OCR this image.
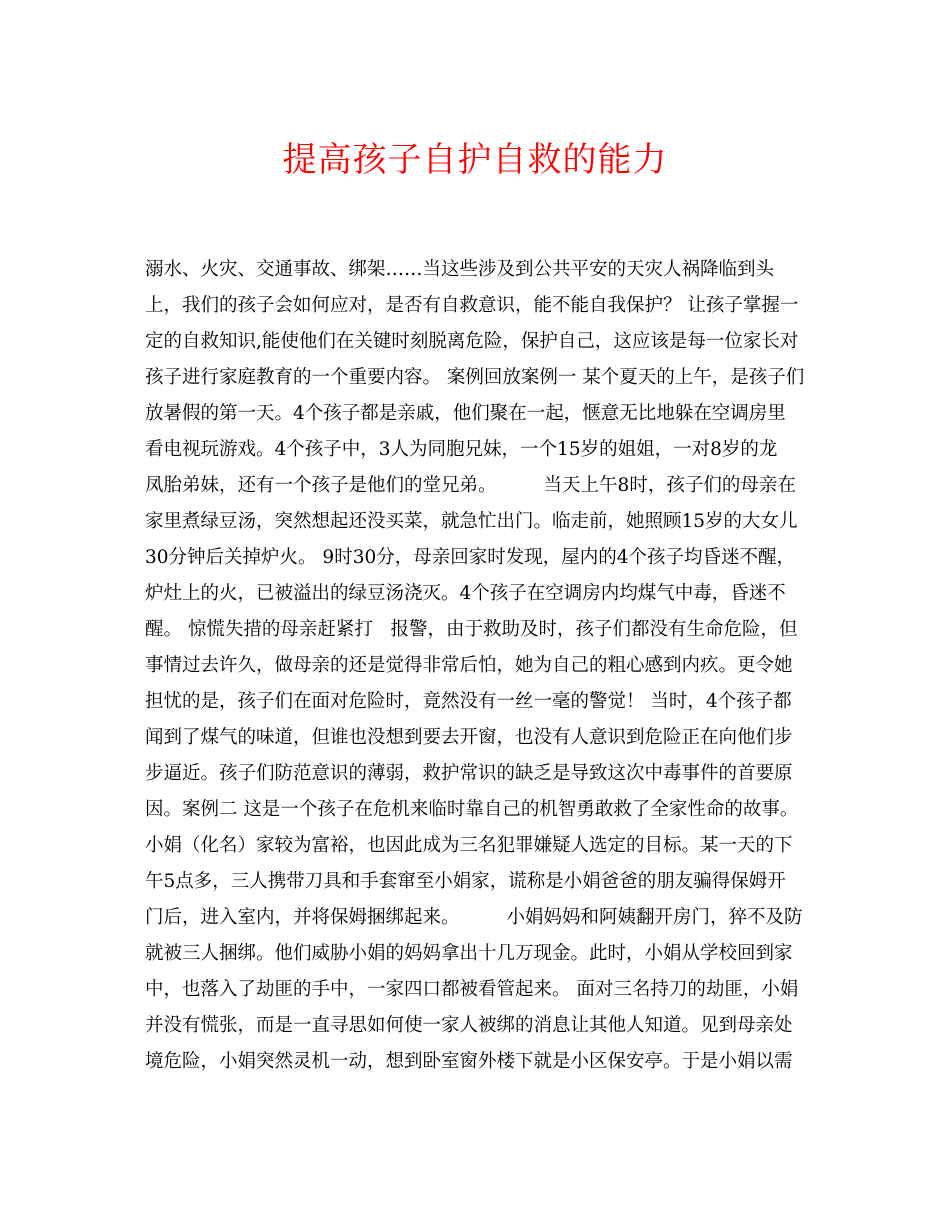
提高孩子自护自救的能力
溺水、火灾、交通事故、绑架……当这些涉及到公共平安的天灾人祸降临到头
上，我们的孩子会如何应对，是否有自救意识，能不能自我保护？ 让孩子掌握一
定的自救知识,能使他们在关键时刻脱离危险，保护自己，这应该是每一位家长对
孩子进行家庭教育的一个重要内容。 案例回放案例一 某个夏天的上午，是孩子们
放暑假的第一天。4个孩子都是亲戚，他们聚在一起，惬意无比地躲在空调房里
看电视玩游戏。4个孩子中，3人为同胞兄妹，一个15岁的姐姐，一对8岁的龙
凤胎弟妹，还有一个孩子是他们的堂兄弟。        当天上午8时，孩子们的母亲在
家里煮绿豆汤，突然想起还没买菜，就急忙出门。临走前，她照顾15岁的大女儿
30分钟后关掉炉火。 9时30分，母亲回家时发现，屋内的4个孩子均昏迷不醒，
炉灶上的火，已被溢出的绿豆汤浇灭。4个孩子在空调房内均煤气中毒，昏迷不
醒。 惊慌失措的母亲赶紧打   报警，由于救助及时，孩子们都没有生命危险，但
事情过去许久，做母亲的还是觉得非常后怕，她为自己的粗心感到内疚。更令她
担忧的是，孩子们在面对危险时，竟然没有一丝一毫的警觉！ 当时，4个孩子都
闻到了煤气的味道，但谁也没想到要去开窗，也没有人意识到危险正在向他们步
步逼近。孩子们防范意识的薄弱，救护常识的缺乏是导致这次中毒事件的首要原
因。案例二 这是一个孩子在危机来临时靠自己的机智勇敢救了全家性命的故事。
小娟（化名）家较为富裕，也因此成为三名犯罪嫌疑人选定的目标。某一天的下
午5点多，三人携带刀具和手套窜至小娟家，谎称是小娟爸爸的朋友骗得保姆开
门后，进入室内，并将保姆捆绑起来。        小娟妈妈和阿姨翻开房门，猝不及防
就被三人捆绑。他们威胁小娟的妈妈拿出十几万现金。此时，小娟从学校回到家
中，也落入了劫匪的手中，一家四口都被看管起来。 面对三名持刀的劫匪，小娟
并没有慌张，而是一直寻思如何使一家人被绑的消息让其他人知道。见到母亲处
境危险，小娟突然灵机一动，想到卧室窗外楼下就是小区保安亭。于是小娟以需
